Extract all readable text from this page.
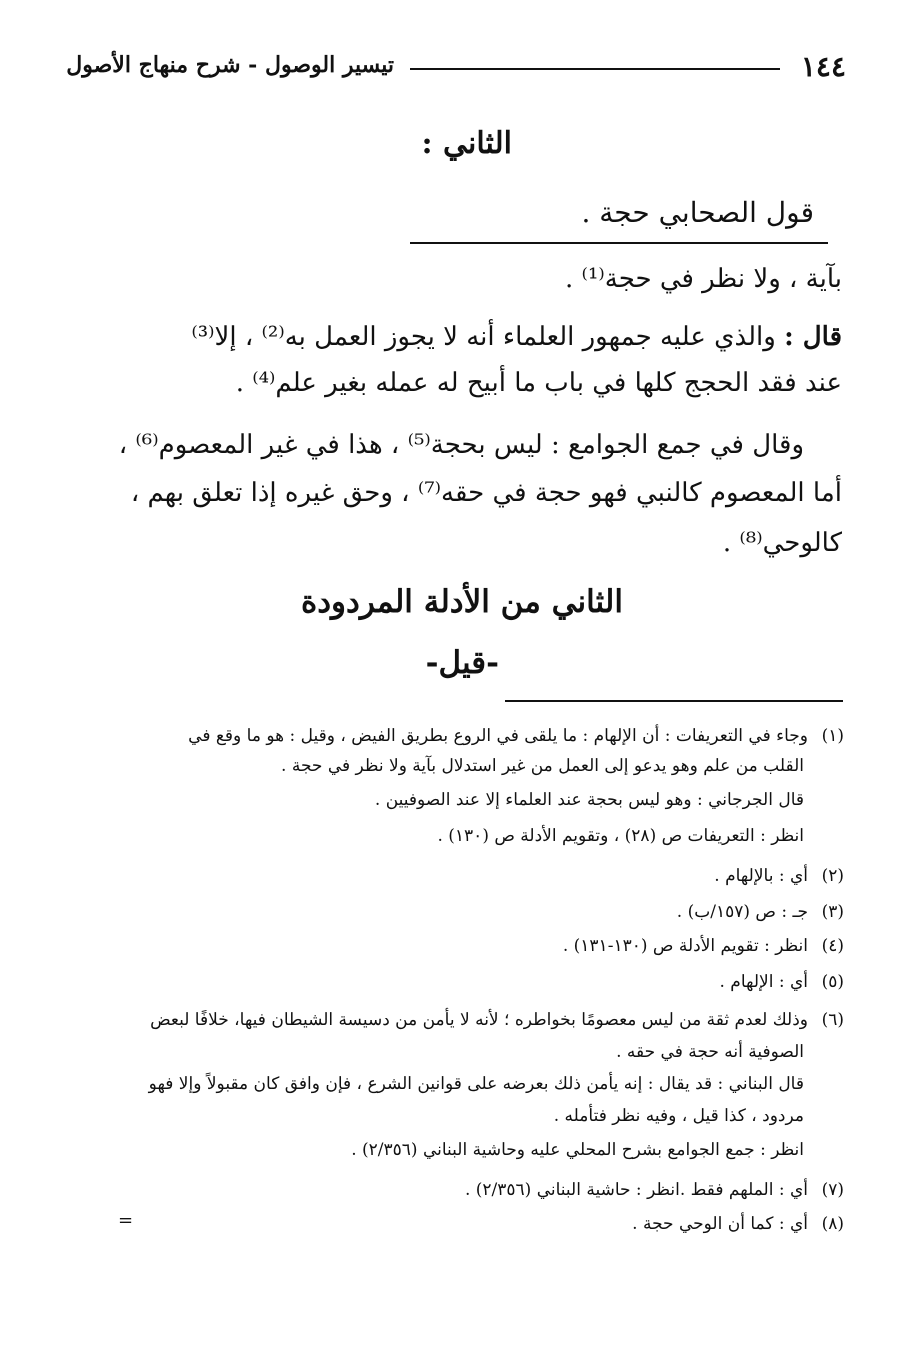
١٤٤
تيسير الوصول - شرح منهاج الأصول
الثاني :
قول الصحابي حجة .
بآية ، ولا نظر في حجة⁽¹⁾ .
قال : والذي عليه جمهور العلماء أنه لا يجوز العمل به⁽²⁾ ، إلا⁽³⁾
عند فقد الحجج كلها في باب ما أبيح له عمله بغير علم⁽⁴⁾ .
وقال في جمع الجوامع : ليس بحجة⁽⁵⁾ ، هذا في غير المعصوم⁽⁶⁾ ،
أما المعصوم كالنبي فهو حجة في حقه⁽⁷⁾ ، وحق غيره إذا تعلق بهم ،
كالوحي⁽⁸⁾ .
الثاني من الأدلة المردودة
-قيل-
(١)وجاء في التعريفات : أن الإلهام : ما يلقى في الروع بطريق الفيض ، وقيل : هو ما وقع في
القلب من علم وهو يدعو إلى العمل من غير استدلال بآية ولا نظر في حجة .
قال الجرجاني : وهو ليس بحجة عند العلماء إلا عند الصوفيين .
انظر : التعريفات ص (٢٨) ، وتقويم الأدلة ص (١٣٠) .
(٢)أي : بالإلهام .
(٣)جـ : ص (١٥٧/ب) .
(٤)انظر : تقويم الأدلة ص (١٣٠-١٣١) .
(٥)أي : الإلهام .
(٦)وذلك لعدم ثقة من ليس معصومًا بخواطره ؛ لأنه لا يأمن من دسيسة الشيطان فيها، خلافًا لبعض
الصوفية أنه حجة في حقه .
قال البناني : قد يقال : إنه يأمن ذلك بعرضه على قوانين الشرع ، فإن وافق كان مقبولاً وإلا فهو
مردود ، كذا قيل ، وفيه نظر فتأمله .
انظر : جمع الجوامع بشرح المحلي عليه وحاشية البناني (٢/٣٥٦) .
(٧)أي : الملهم فقط .انظر : حاشية البناني (٢/٣٥٦) .
(٨)أي : كما أن الوحي حجة .
=
